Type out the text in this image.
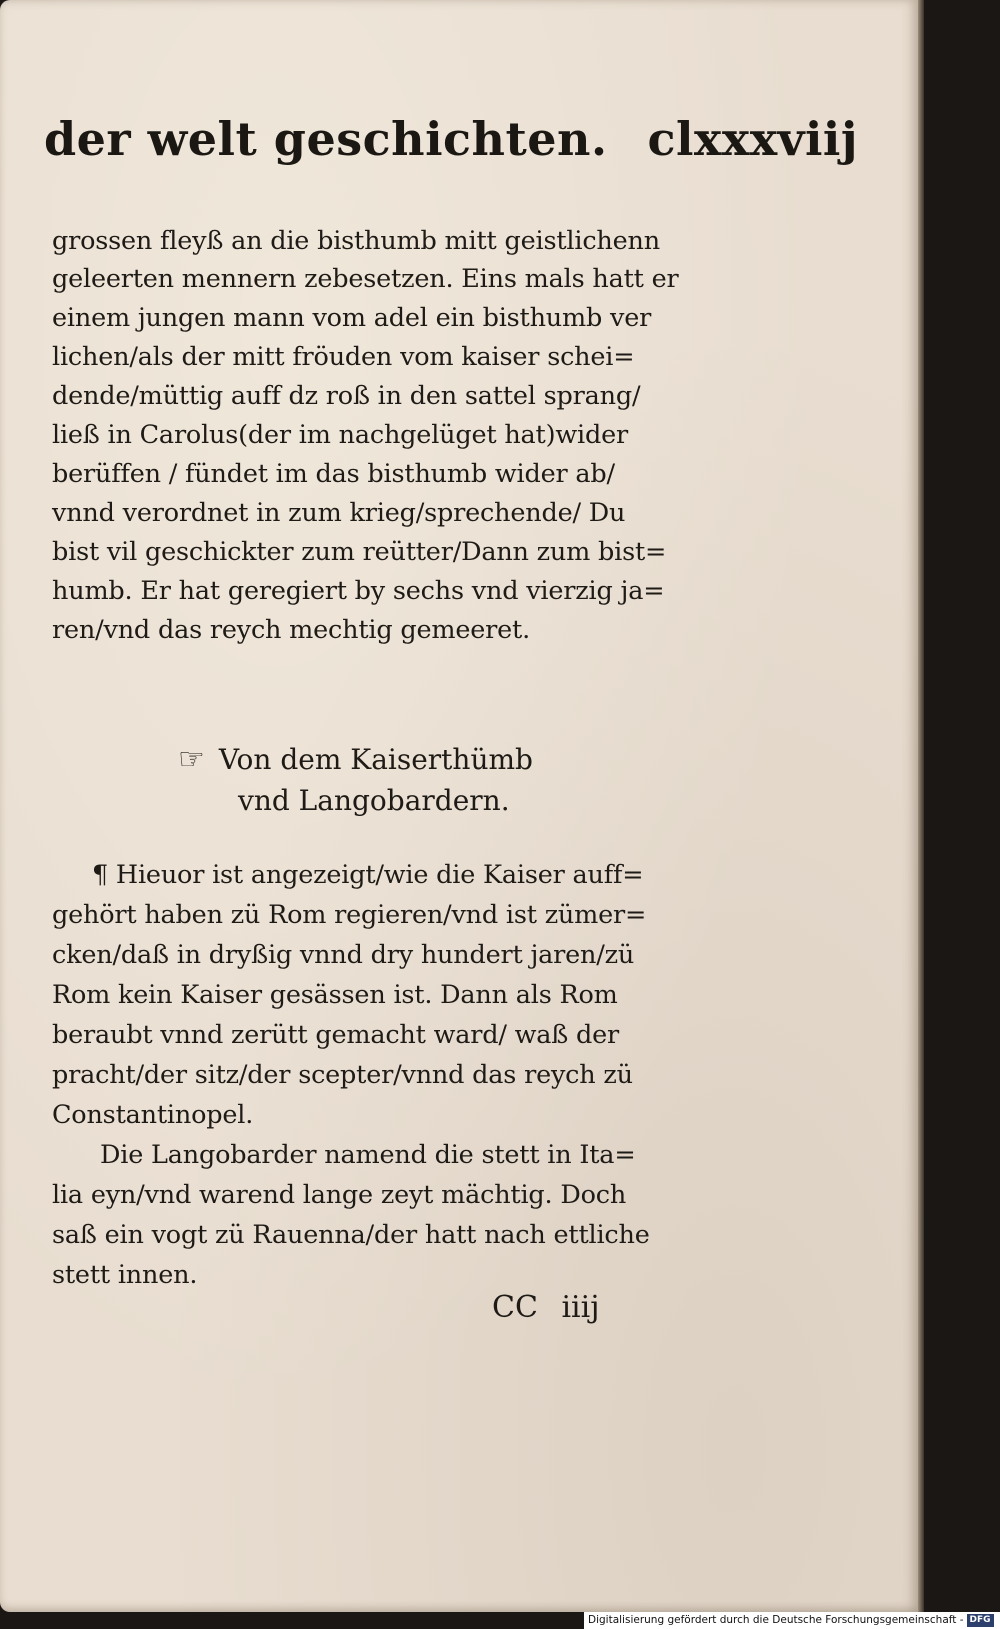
der welt geschichten. clxxxviij
grossen fleyß an die bisthumb mitt geistlichenn
geleerten mennern zebesetzen. Eins mals hatt er
einem jungen mann vom adel ein bisthumb ver
lichen/als der mitt fröuden vom kaiser schei=
dende/müttig auff dz roß in den sattel sprang/
ließ in Carolus(der im nachgelüget hat)wider
berüffen / fündet im das bisthumb wider ab/
vnnd verordnet in zum krieg/sprechende/ Du
bist vil geschickter zum reütter/Dann zum bist=
humb. Er hat geregiert by sechs vnd vierzig ja=
ren/vnd das reych mechtig gemeeret.
☞ Von dem Kaiserthümb
vnd Langobardern.
¶ Hieuor ist angezeigt/wie die Kaiser auff=
gehört haben zü Rom regieren/vnd ist zümer=
cken/daß in dryßig vnnd dry hundert jaren/zü
Rom kein Kaiser gesässen ist. Dann als Rom
beraubt vnnd zerütt gemacht ward/ waß der
pracht/der sitz/der scepter/vnnd das reych zü
Constantinopel.
Die Langobarder namend die stett in Ita=
lia eyn/vnd warend lange zeyt mächtig. Doch
saß ein vogt zü Rauenna/der hatt nach ettliche
stett innen.
CC iiij
Digitalisierung gefördert durch die Deutsche Forschungsgemeinschaft - DFG
